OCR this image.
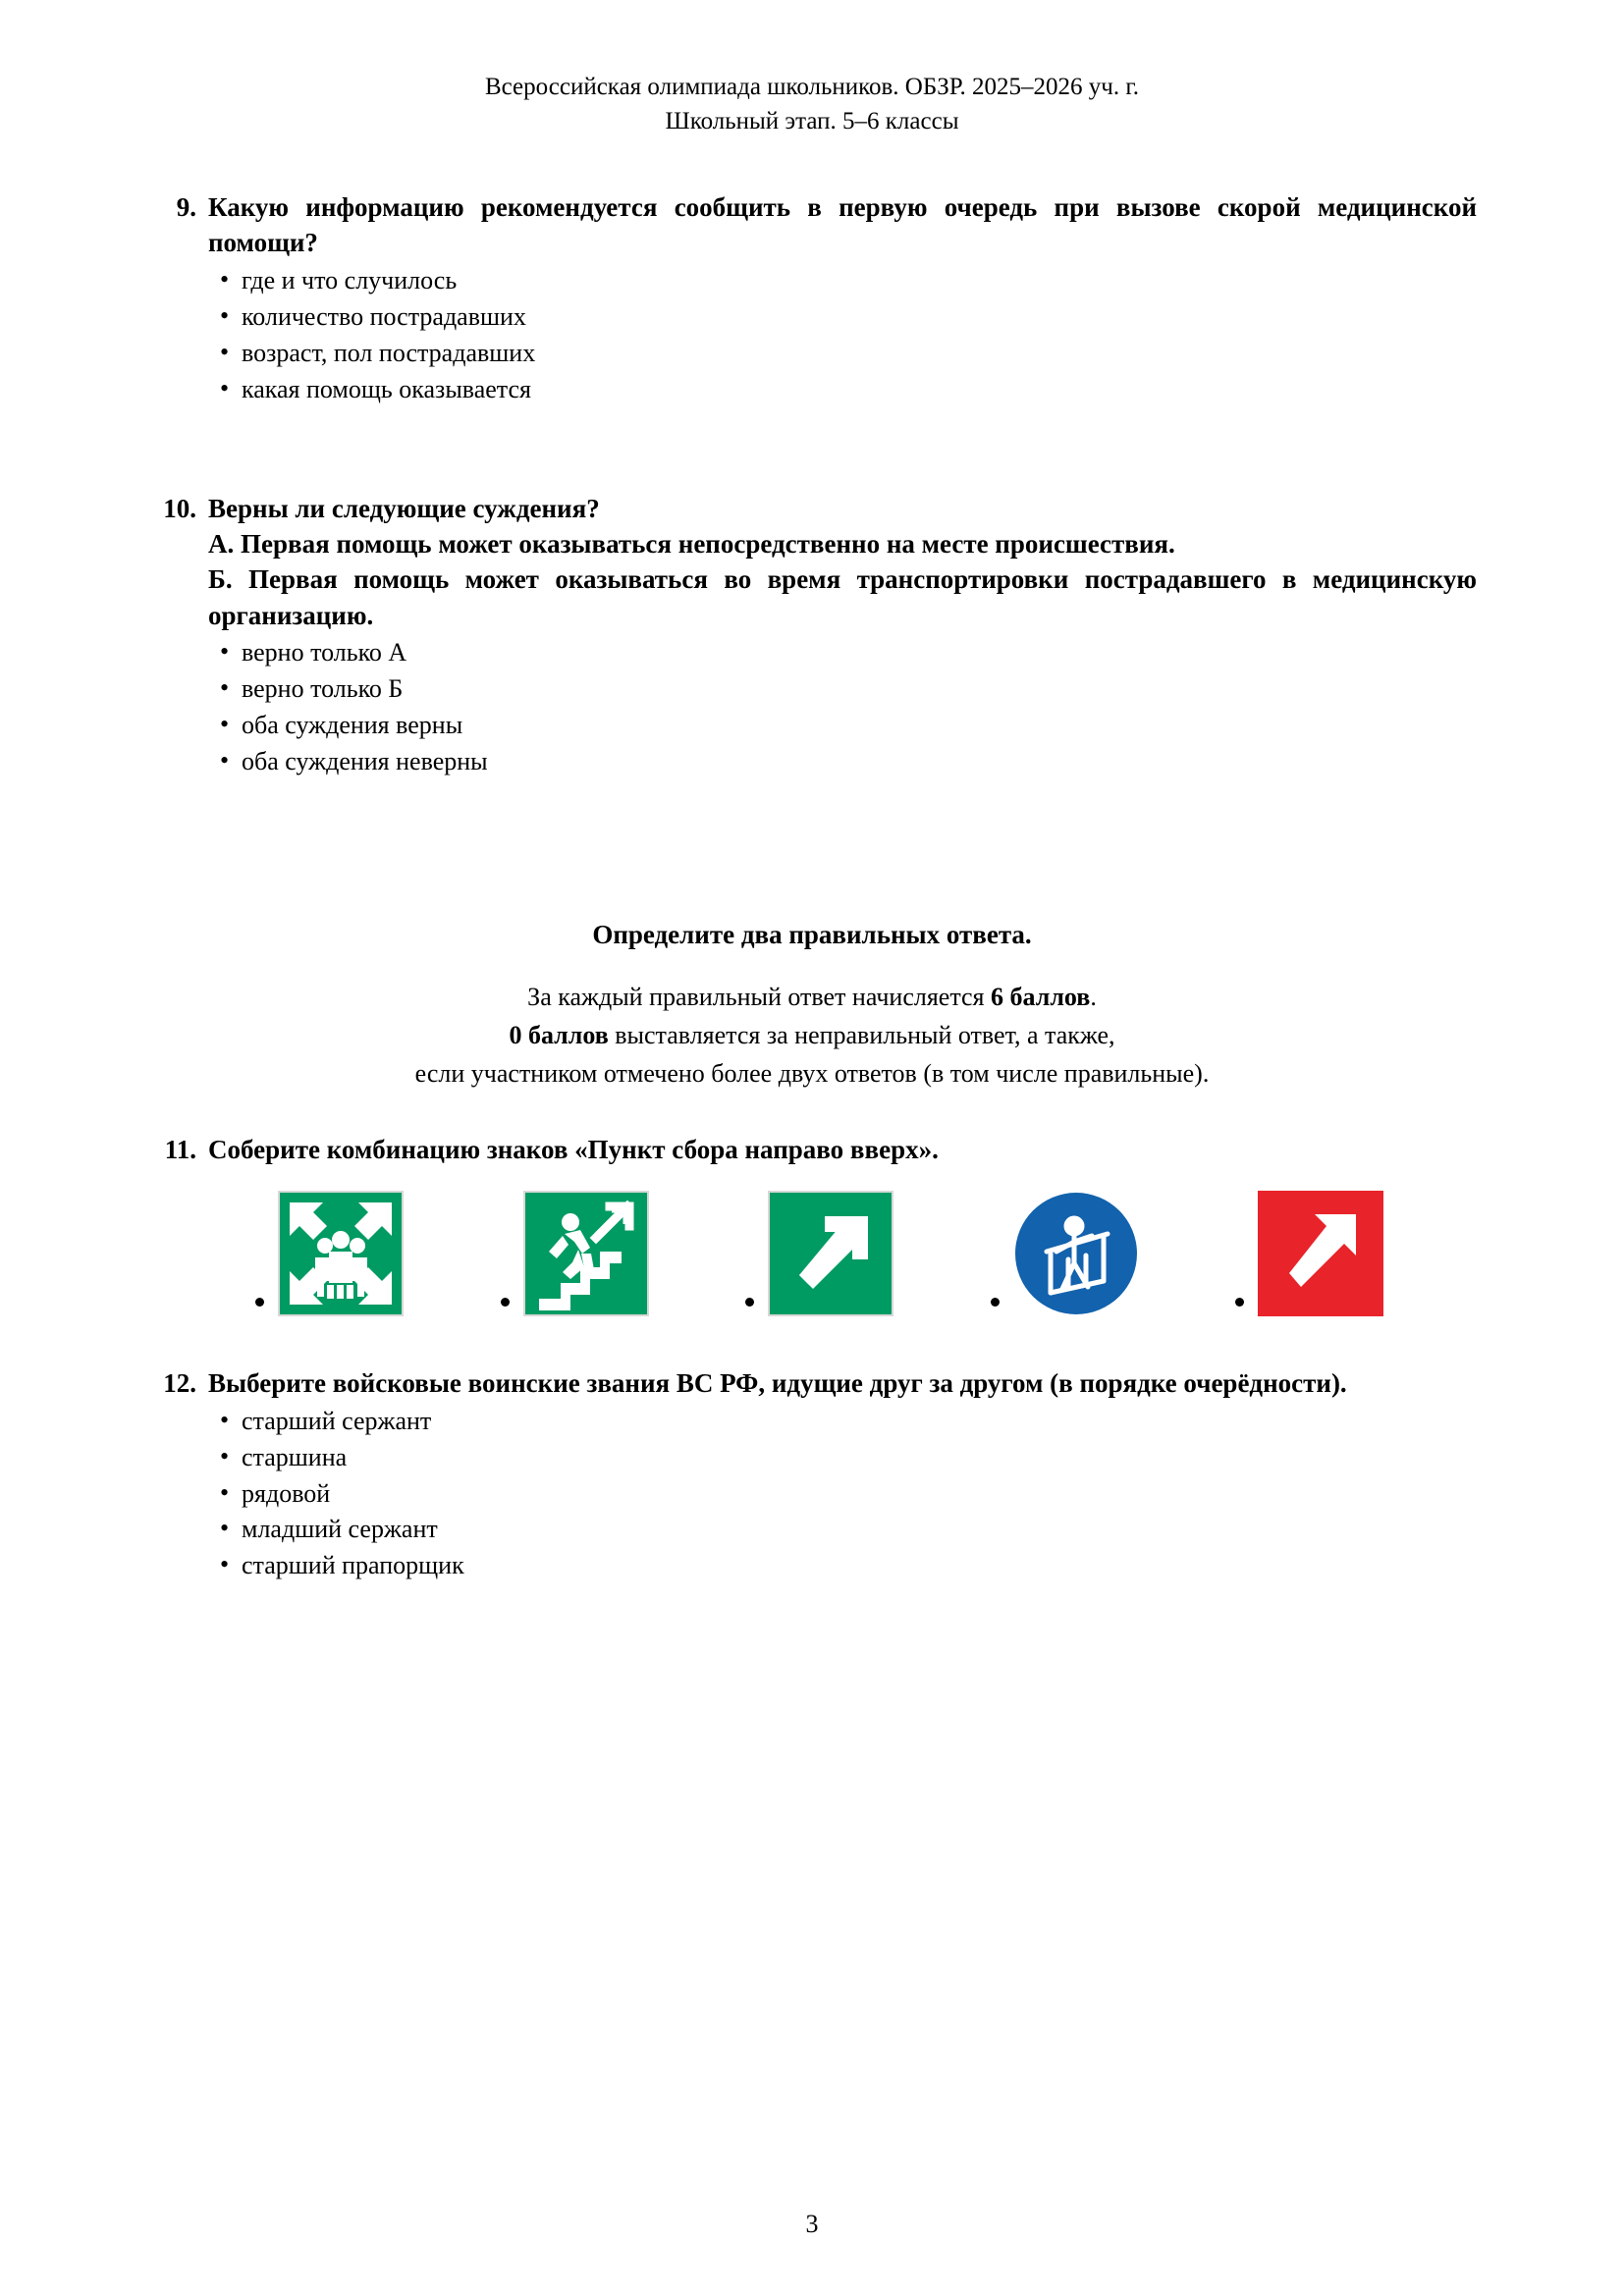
Всероссийская олимпиада школьников. ОБЗР. 2025–2026 уч. г.
Школьный этап. 5–6 классы
9. Какую информацию рекомендуется сообщить в первую очередь при вызове скорой медицинской помощи?
• где и что случилось
• количество пострадавших
• возраст, пол пострадавших
• какая помощь оказывается
10. Верны ли следующие суждения?
А. Первая помощь может оказываться непосредственно на месте происшествия.
Б. Первая помощь может оказываться во время транспортировки пострадавшего в медицинскую организацию.
• верно только А
• верно только Б
• оба суждения верны
• оба суждения неверны
Определите два правильных ответа.
За каждый правильный ответ начисляется 6 баллов.
0 баллов выставляется за неправильный ответ, а также,
если участником отмечено более двух ответов (в том числе правильные).
11. Соберите комбинацию знаков «Пункт сбора направо вверх».
12. Выберите войсковые воинские звания ВС РФ, идущие друг за другом (в порядке очерёдности).
• старший сержант
• старшина
• рядовой
• младший сержант
• старший прапорщик
3
